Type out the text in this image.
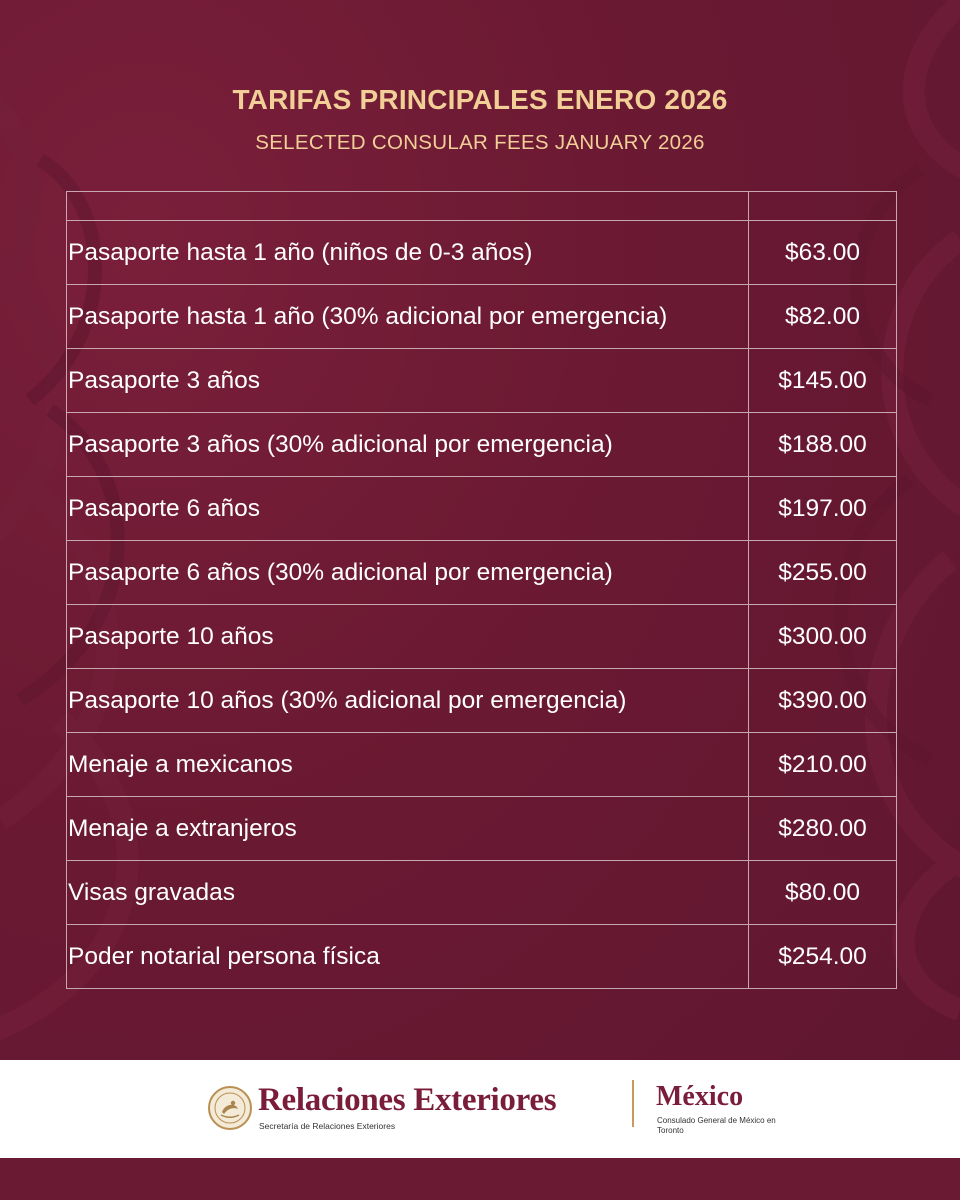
TARIFAS PRINCIPALES ENERO 2026
SELECTED CONSULAR FEES JANUARY 2026

Pasaporte hasta 1 año (niños de 0-3 años)	$63.00
Pasaporte hasta 1 año (30% adicional por emergencia)	$82.00
Pasaporte 3 años	$145.00
Pasaporte 3 años (30% adicional por emergencia)	$188.00
Pasaporte 6 años	$197.00
Pasaporte 6 años (30% adicional por emergencia)	$255.00
Pasaporte 10 años	$300.00
Pasaporte 10 años (30% adicional por emergencia)	$390.00
Menaje a mexicanos	$210.00
Menaje a extranjeros	$280.00
Visas gravadas	$80.00
Poder notarial persona física	$254.00
Relaciones Exteriores
Secretaría de Relaciones Exteriores
México
Consulado General de México en Toronto
